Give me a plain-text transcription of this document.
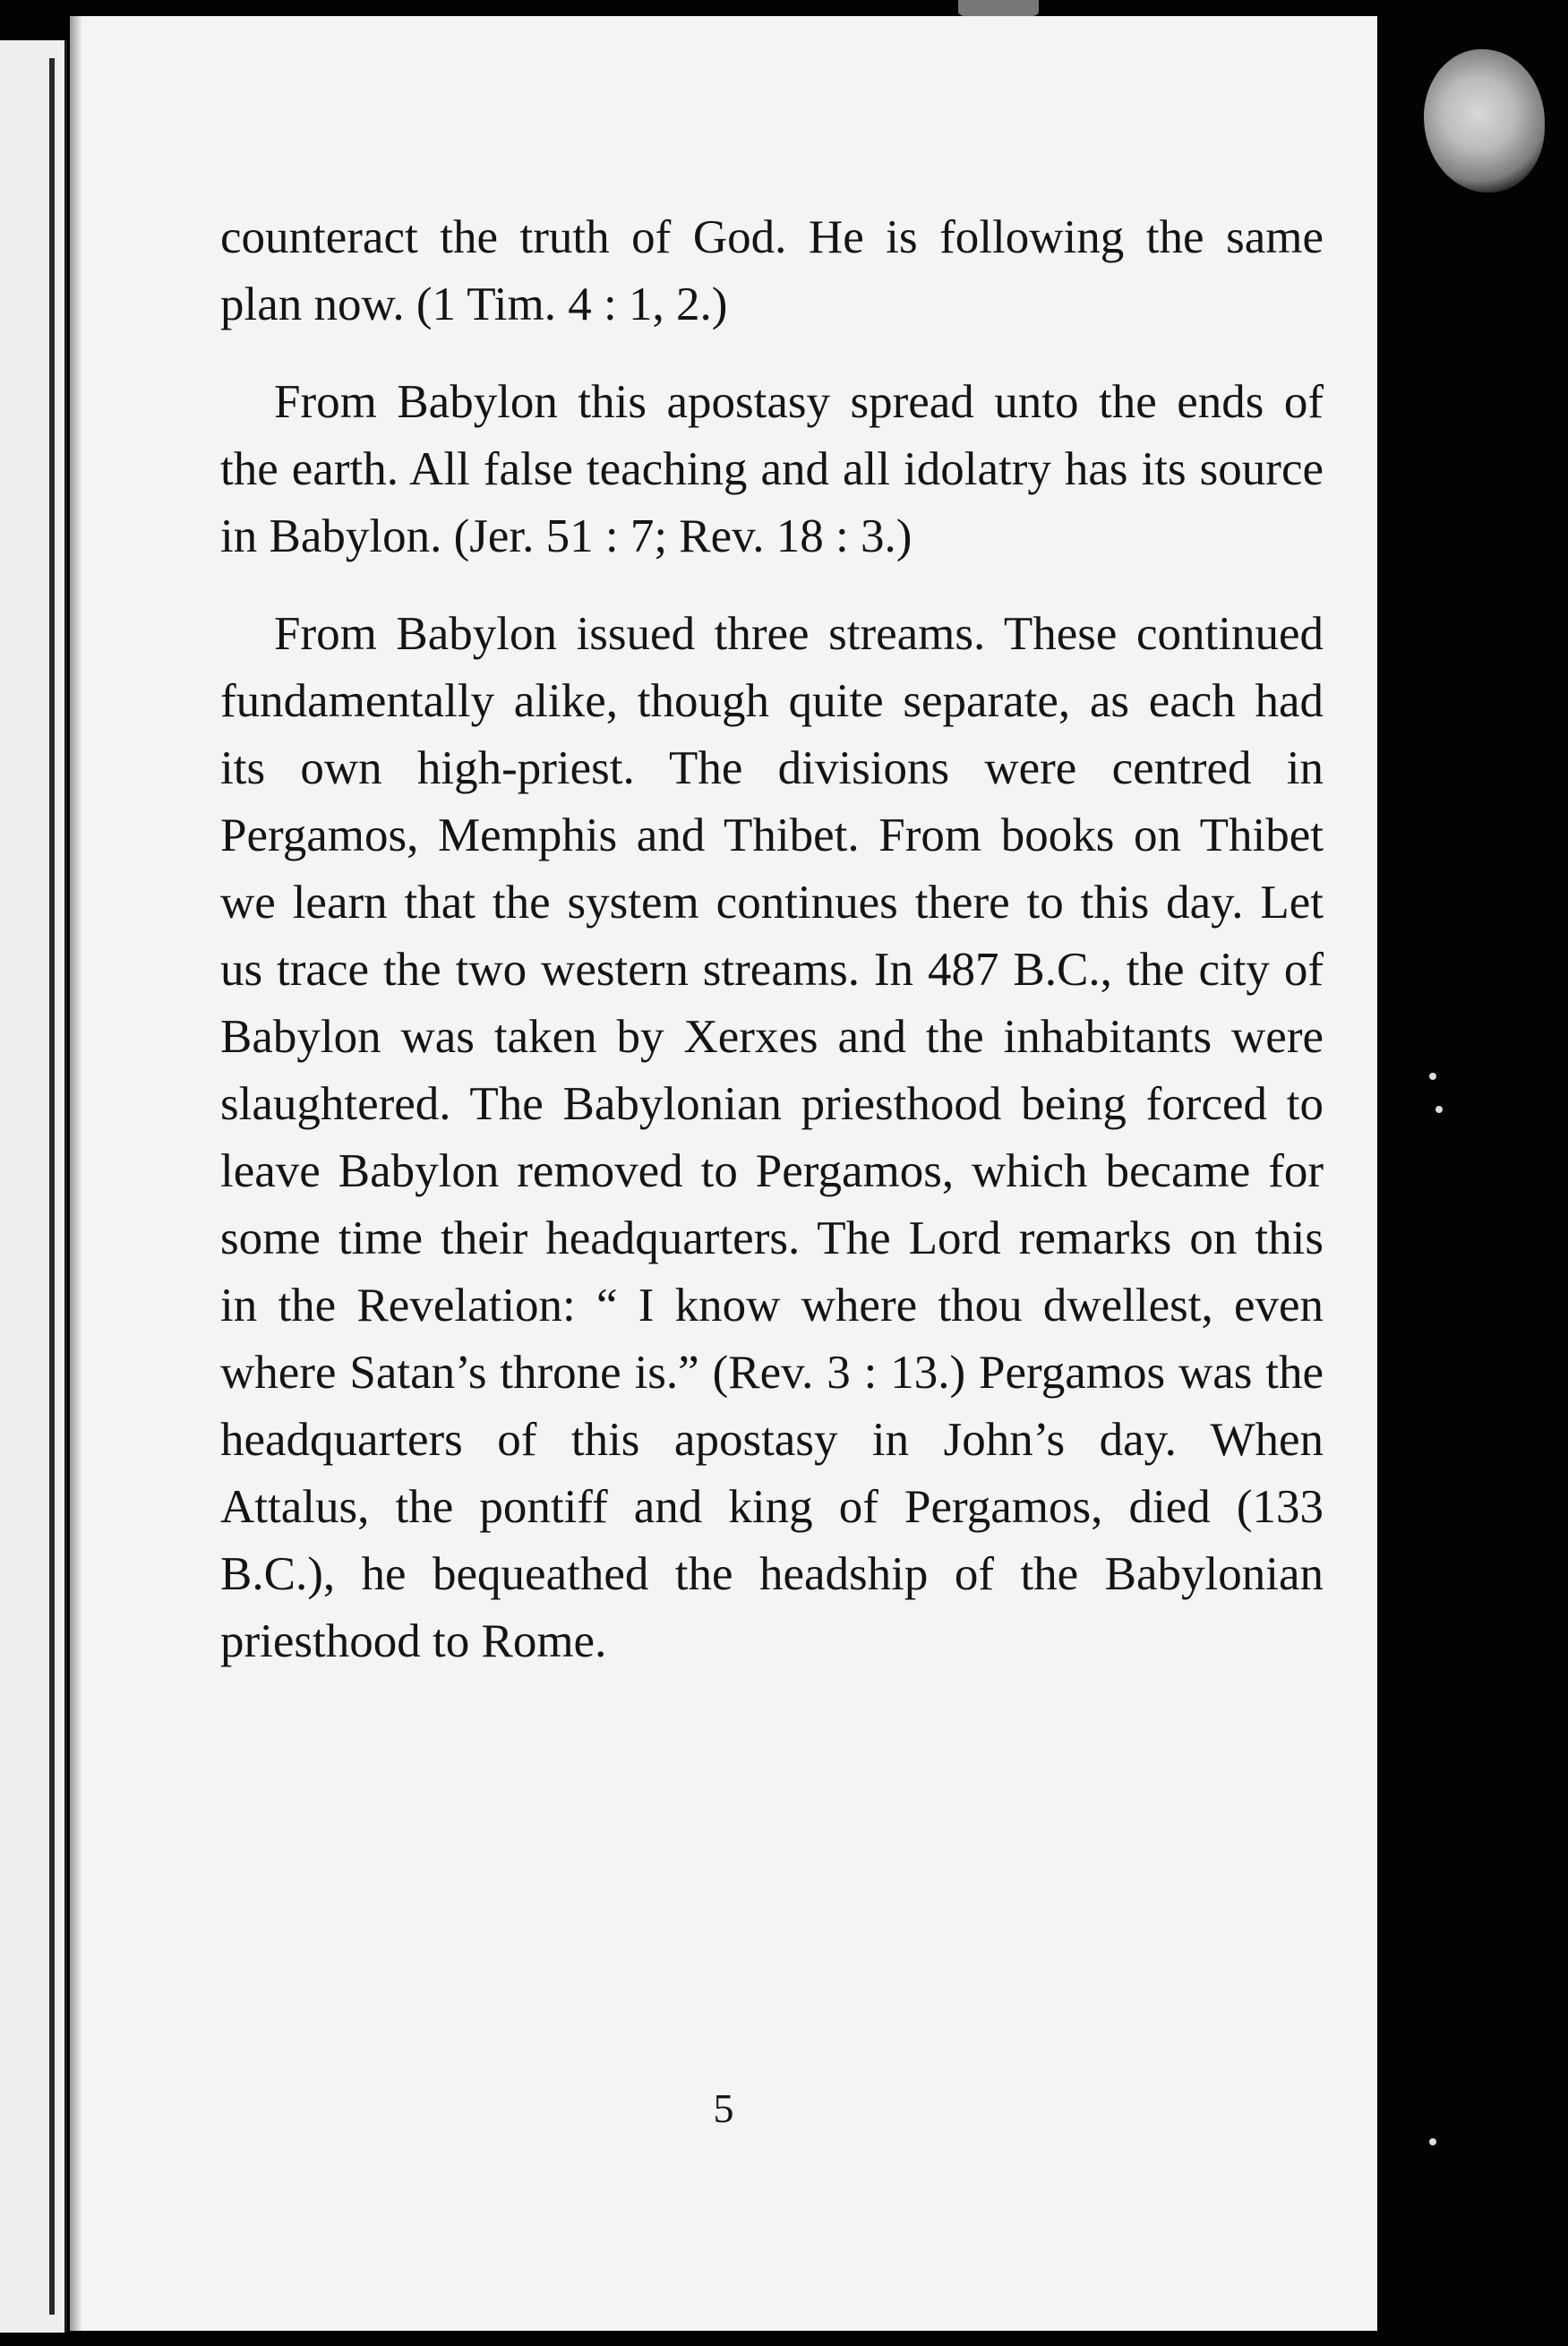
counteract the truth of God. He is following the same plan now. (1 Tim. 4 : 1, 2.)

From Babylon this apostasy spread unto the ends of the earth. All false teaching and all idolatry has its source in Babylon. (Jer. 51 : 7; Rev. 18 : 3.)

From Babylon issued three streams. These continued fundamentally alike, though quite separate, as each had its own high-priest. The divisions were centred in Pergamos, Memphis and Thibet. From books on Thibet we learn that the system continues there to this day. Let us trace the two western streams. In 487 B.C., the city of Babylon was taken by Xerxes and the inhabitants were slaughtered. The Babylonian priesthood being forced to leave Babylon removed to Pergamos, which became for some time their headquarters. The Lord remarks on this in the Revelation: “ I know where thou dwellest, even where Satan’s throne is.” (Rev. 3 : 13.) Pergamos was the headquarters of this apostasy in John’s day. When Attalus, the pontiff and king of Pergamos, died (133 B.C.), he bequeathed the headship of the Babylonian priesthood to Rome.

5
